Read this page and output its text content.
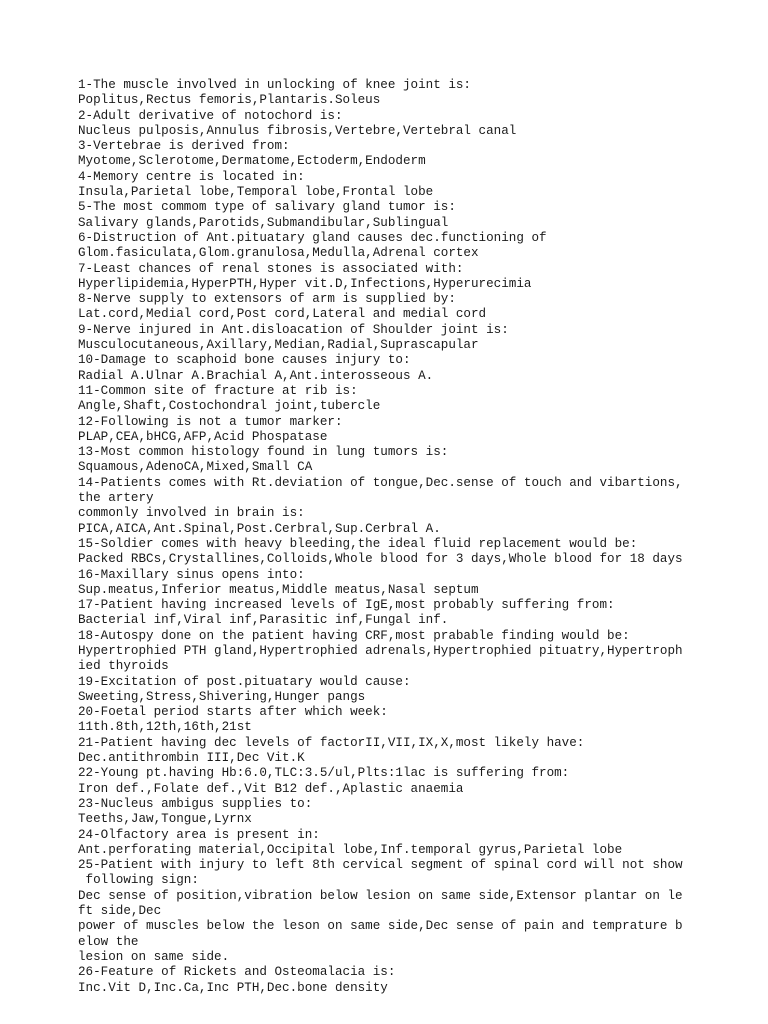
1-The muscle involved in unlocking of knee joint is:
Poplitus,Rectus femoris,Plantaris.Soleus
2-Adult derivative of notochord is:
Nucleus pulposis,Annulus fibrosis,Vertebre,Vertebral canal
3-Vertebrae is derived from:
Myotome,Sclerotome,Dermatome,Ectoderm,Endoderm
4-Memory centre is located in:
Insula,Parietal lobe,Temporal lobe,Frontal lobe
5-The most commom type of salivary gland tumor is:
Salivary glands,Parotids,Submandibular,Sublingual
6-Distruction of Ant.pituatary gland causes dec.functioning of
Glom.fasiculata,Glom.granulosa,Medulla,Adrenal cortex
7-Least chances of renal stones is associated with:
Hyperlipidemia,HyperPTH,Hyper vit.D,Infections,Hyperurecimia
8-Nerve supply to extensors of arm is supplied by:
Lat.cord,Medial cord,Post cord,Lateral and medial cord
9-Nerve injured in Ant.disloacation of Shoulder joint is:
Musculocutaneous,Axillary,Median,Radial,Suprascapular
10-Damage to scaphoid bone causes injury to:
Radial A.Ulnar A.Brachial A,Ant.interosseous A.
11-Common site of fracture at rib is:
Angle,Shaft,Costochondral joint,tubercle
12-Following is not a tumor marker:
PLAP,CEA,bHCG,AFP,Acid Phospatase
13-Most common histology found in lung tumors is:
Squamous,AdenoCA,Mixed,Small CA
14-Patients comes with Rt.deviation of tongue,Dec.sense of touch and vibartions,
the artery
commonly involved in brain is:
PICA,AICA,Ant.Spinal,Post.Cerbral,Sup.Cerbral A.
15-Soldier comes with heavy bleeding,the ideal fluid replacement would be:
Packed RBCs,Crystallines,Colloids,Whole blood for 3 days,Whole blood for 18 days
16-Maxillary sinus opens into:
Sup.meatus,Inferior meatus,Middle meatus,Nasal septum
17-Patient having increased levels of IgE,most probably suffering from:
Bacterial inf,Viral inf,Parasitic inf,Fungal inf.
18-Autospy done on the patient having CRF,most prabable finding would be:
Hypertrophied PTH gland,Hypertrophied adrenals,Hypertrophied pituatry,Hypertroph
ied thyroids
19-Excitation of post.pituatary would cause:
Sweeting,Stress,Shivering,Hunger pangs
20-Foetal period starts after which week:
11th.8th,12th,16th,21st
21-Patient having dec levels of factorII,VII,IX,X,most likely have:
Dec.antithrombin III,Dec Vit.K
22-Young pt.having Hb:6.0,TLC:3.5/ul,Plts:1lac is suffering from:
Iron def.,Folate def.,Vit B12 def.,Aplastic anaemia
23-Nucleus ambigus supplies to:
Teeths,Jaw,Tongue,Lyrnx
24-Olfactory area is present in:
Ant.perforating material,Occipital lobe,Inf.temporal gyrus,Parietal lobe
25-Patient with injury to left 8th cervical segment of spinal cord will not show
following sign:
Dec sense of position,vibration below lesion on same side,Extensor plantar on le
ft side,Dec
power of muscles below the leson on same side,Dec sense of pain and temprature b
elow the
lesion on same side.
26-Feature of Rickets and Osteomalacia is:
Inc.Vit D,Inc.Ca,Inc PTH,Dec.bone density
